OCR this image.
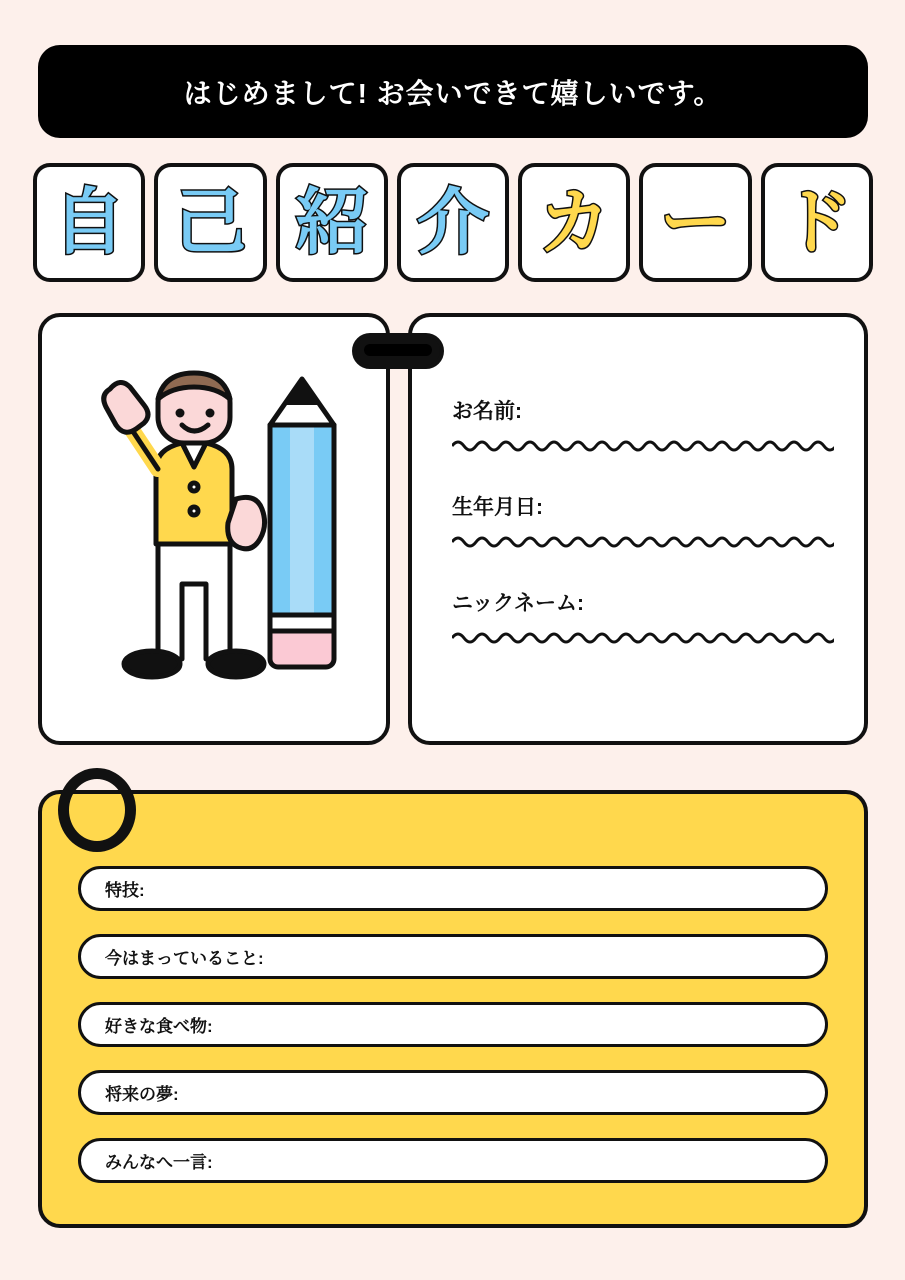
はじめまして! お会いできて嬉しいです。
自 己 紹 介 カ ー ド
お名前:
生年月日:
ニックネーム:
特技:
今はまっていること:
好きな食べ物:
将来の夢:
みんなへ一言:
